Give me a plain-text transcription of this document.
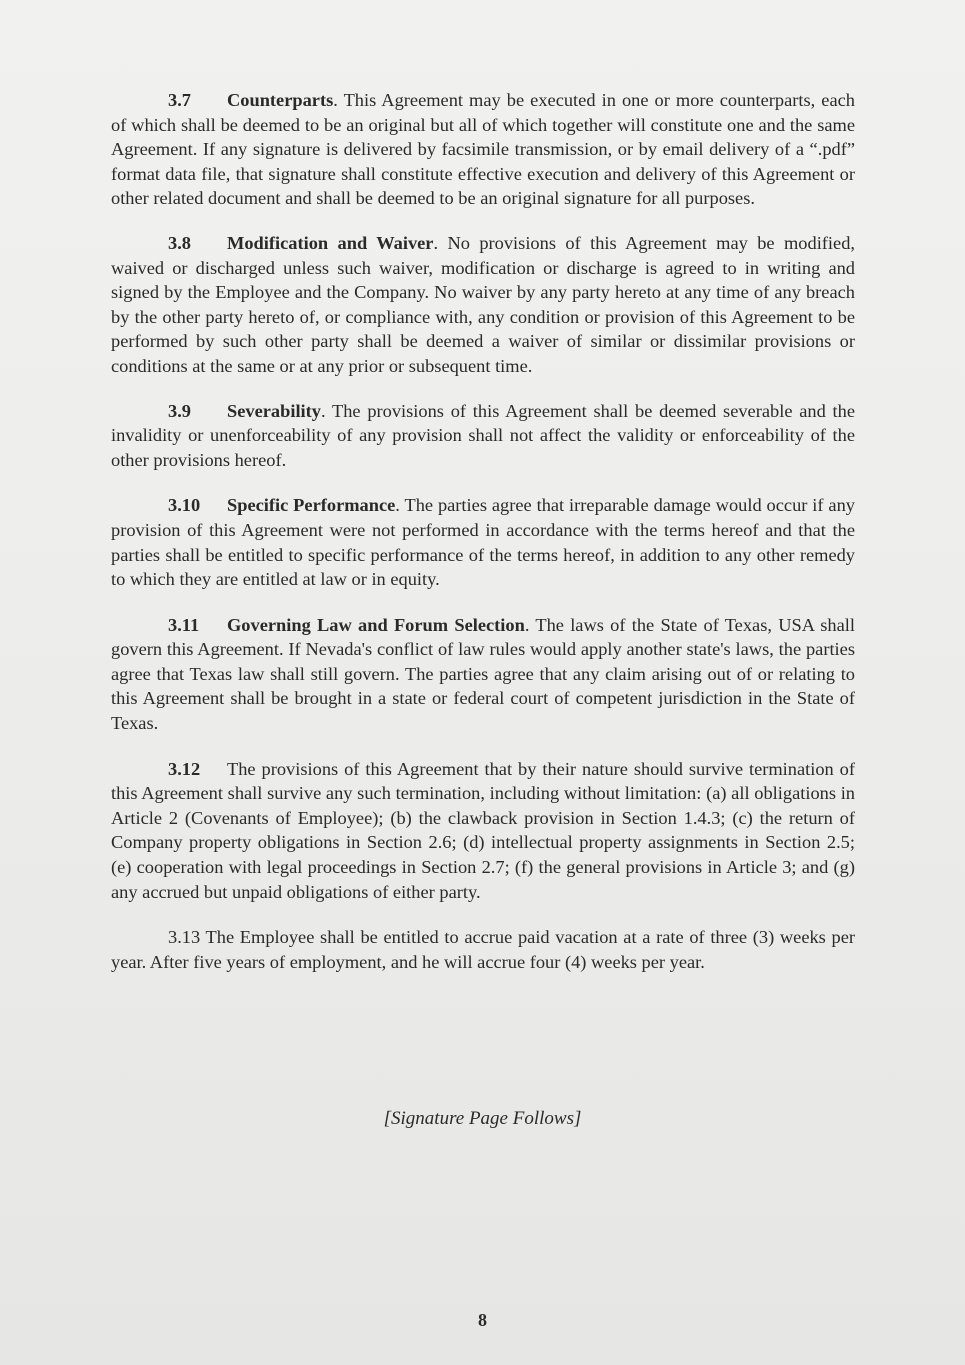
3.7 Counterparts. This Agreement may be executed in one or more counterparts, each of which shall be deemed to be an original but all of which together will constitute one and the same Agreement. If any signature is delivered by facsimile transmission, or by email delivery of a “.pdf” format data file, that signature shall constitute effective execution and delivery of this Agreement or other related document and shall be deemed to be an original signature for all purposes.

3.8 Modification and Waiver. No provisions of this Agreement may be modified, waived or discharged unless such waiver, modification or discharge is agreed to in writing and signed by the Employee and the Company. No waiver by any party hereto at any time of any breach by the other party hereto of, or compliance with, any condition or provision of this Agreement to be performed by such other party shall be deemed a waiver of similar or dissimilar provisions or conditions at the same or at any prior or subsequent time.

3.9 Severability. The provisions of this Agreement shall be deemed severable and the invalidity or unenforceability of any provision shall not affect the validity or enforceability of the other provisions hereof.

3.10 Specific Performance. The parties agree that irreparable damage would occur if any provision of this Agreement were not performed in accordance with the terms hereof and that the parties shall be entitled to specific performance of the terms hereof, in addition to any other remedy to which they are entitled at law or in equity.

3.11 Governing Law and Forum Selection. The laws of the State of Texas, USA shall govern this Agreement. If Nevada's conflict of law rules would apply another state's laws, the parties agree that Texas law shall still govern. The parties agree that any claim arising out of or relating to this Agreement shall be brought in a state or federal court of competent jurisdiction in the State of Texas.

3.12 The provisions of this Agreement that by their nature should survive termination of this Agreement shall survive any such termination, including without limitation: (a) all obligations in Article 2 (Covenants of Employee); (b) the clawback provision in Section 1.4.3; (c) the return of Company property obligations in Section 2.6; (d) intellectual property assignments in Section 2.5; (e) cooperation with legal proceedings in Section 2.7; (f) the general provisions in Article 3; and (g) any accrued but unpaid obligations of either party.

3.13 The Employee shall be entitled to accrue paid vacation at a rate of three (3) weeks per year. After five years of employment, and he will accrue four (4) weeks per year.

[Signature Page Follows]
8
